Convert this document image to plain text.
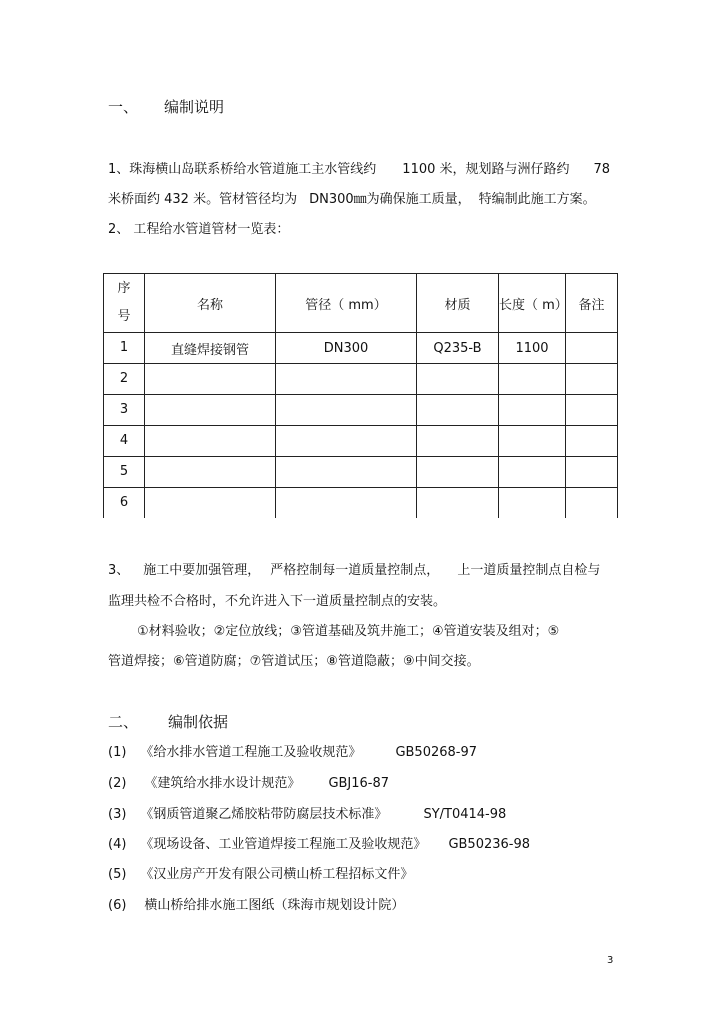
一、 编制说明
1、珠海横山岛联系桥给水管道施工主水管线约 1100 米，规划路与洲仔路约 78
米桥面约 432 米。管材管径均为 DN300㎜为确保施工质量， 特编制此施工方案。
2、 工程给水管道管材一览表：
序
号	名称	管径（ mm）	材质	长度（ m）	备注
1	直缝焊接钢管	DN300	Q235-B	1100	
2					
3					
4					
5					
6					
3、 施工中要加强管理， 严格控制每一道质量控制点， 上一道质量控制点自检与
监理共检不合格时，不允许进入下一道质量控制点的安装。
①材料验收；②定位放线；③管道基础及筑井施工；④管道安装及组对；⑤
管道焊接；⑥管道防腐；⑦管道试压；⑧管道隐蔽；⑨中间交接。
二、 编制依据
(1) 《给水排水管道工程施工及验收规范》	GB50268-97
(2) 《建筑给水排水设计规范》 GBJ16-87
(3) 《钢质管道聚乙烯胶粘带防腐层技术标准》	SY/T0414-98
(4) 《现场设备、工业管道焊接工程施工及验收规范》 GB50236-98
(5) 《汉业房产开发有限公司横山桥工程招标文件》
(6) 横山桥给排水施工图纸（珠海市规划设计院）
3
